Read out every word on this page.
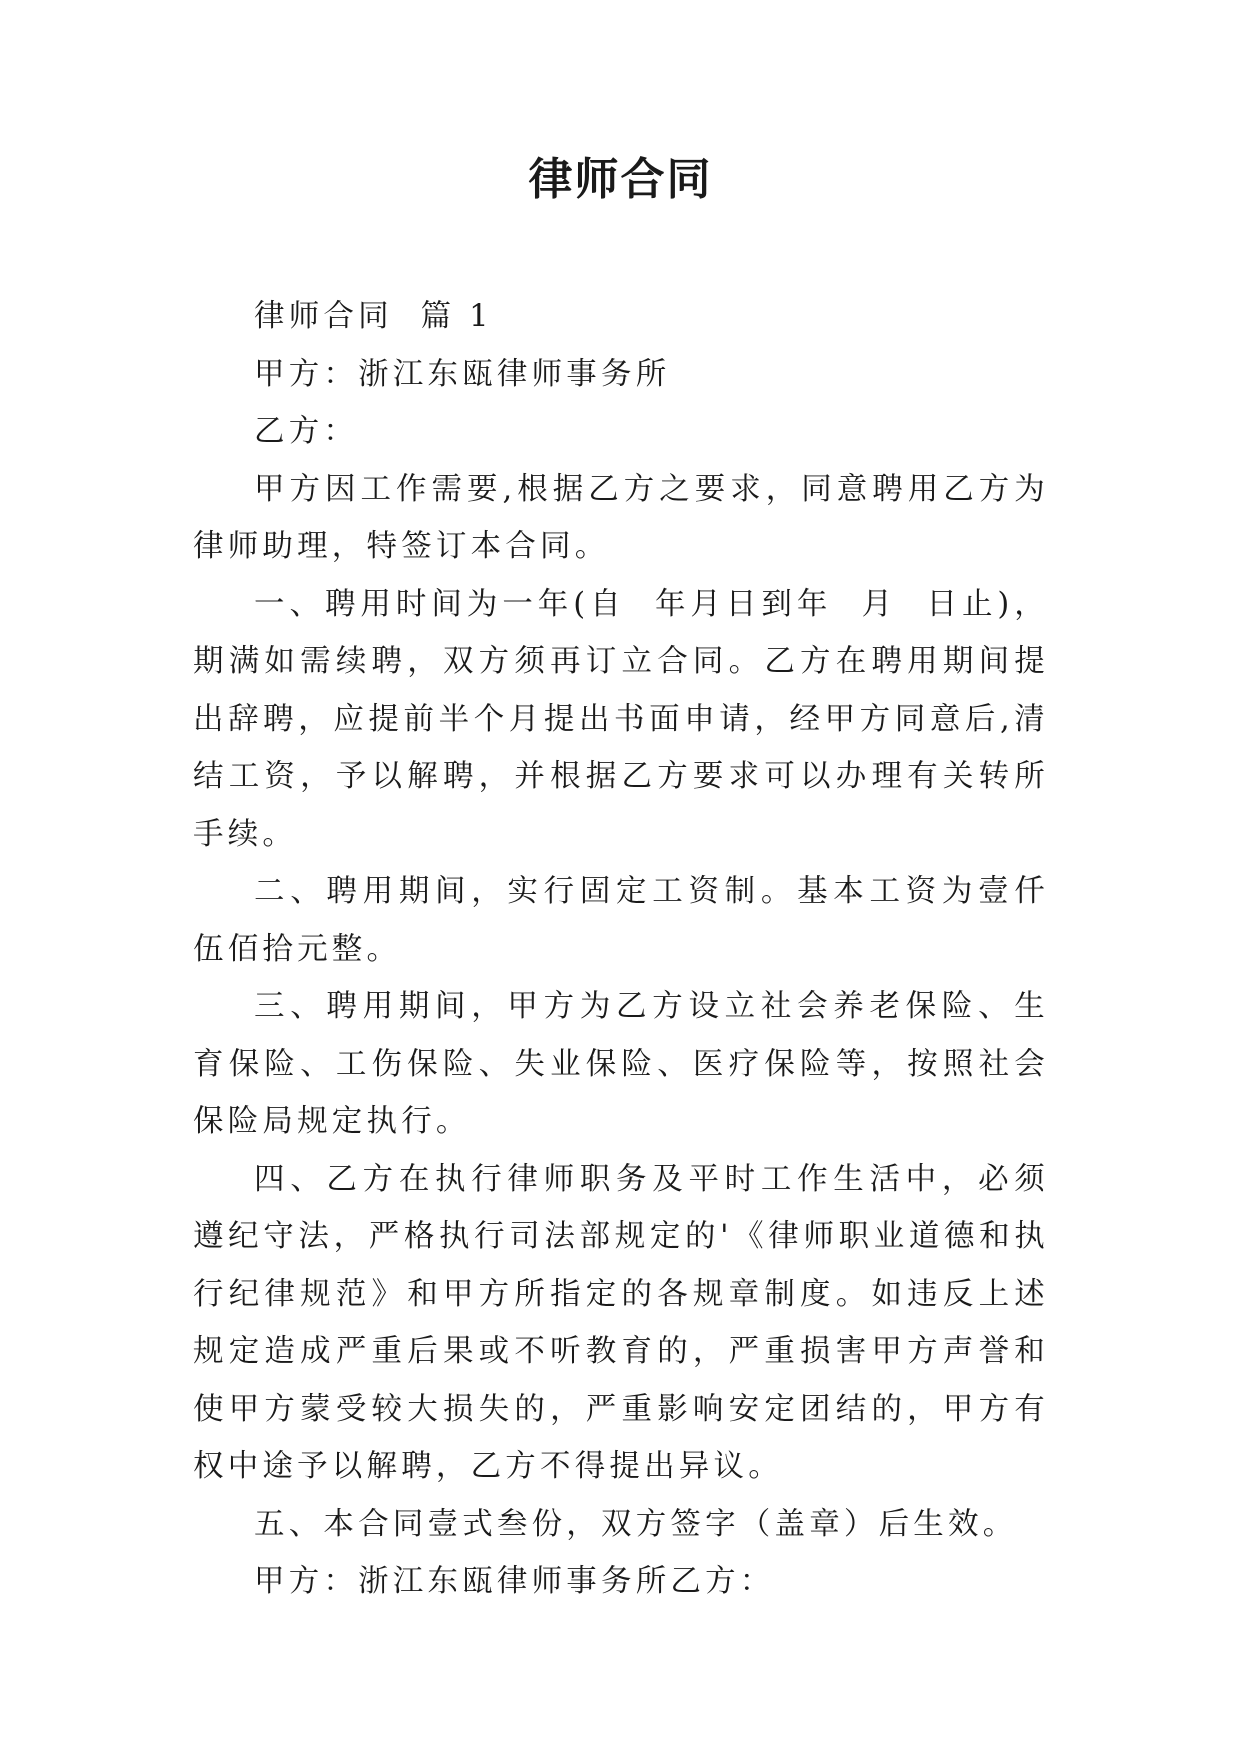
律师合同

律师合同  篇 1

甲方：浙江东瓯律师事务所

乙方：

甲方因工作需要,根据乙方之要求，同意聘用乙方为律师助理，特签订本合同。

一、聘用时间为一年(自  年月日到年  月  日止)，期满如需续聘，双方须再订立合同。乙方在聘用期间提出辞聘，应提前半个月提出书面申请，经甲方同意后,清结工资，予以解聘，并根据乙方要求可以办理有关转所手续。

二、聘用期间，实行固定工资制。基本工资为壹仟伍佰拾元整。

三、聘用期间，甲方为乙方设立社会养老保险、生育保险、工伤保险、失业保险、医疗保险等，按照社会保险局规定执行。

四、乙方在执行律师职务及平时工作生活中，必须遵纪守法，严格执行司法部规定的'《律师职业道德和执行纪律规范》和甲方所指定的各规章制度。如违反上述规定造成严重后果或不听教育的，严重损害甲方声誉和使甲方蒙受较大损失的，严重影响安定团结的，甲方有权中途予以解聘，乙方不得提出异议。

五、本合同壹式叁份，双方签字（盖章）后生效。

甲方：浙江东瓯律师事务所乙方：
